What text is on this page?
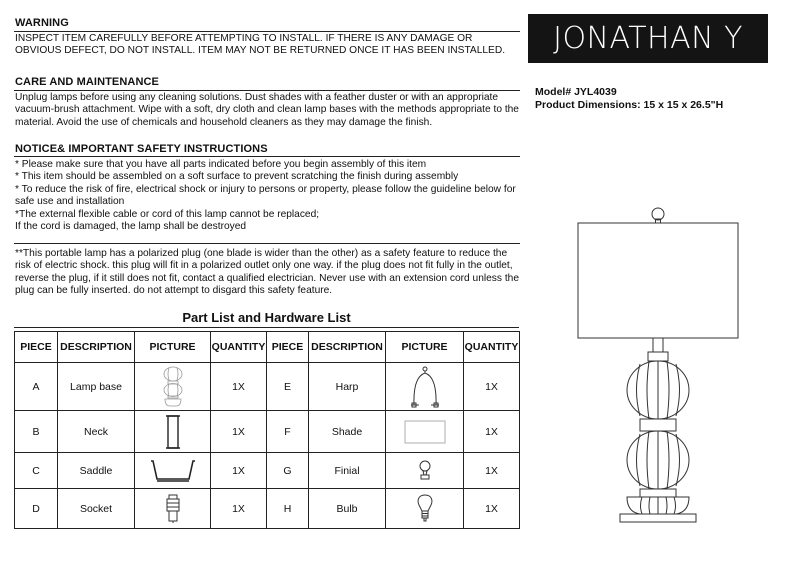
WARNING
INSPECT ITEM CAREFULLY BEFORE ATTEMPTING TO INSTALL. IF THERE IS ANY DAMAGE OR OBVIOUS DEFECT, DO NOT INSTALL. ITEM MAY NOT BE RETURNED ONCE IT HAS BEEN INSTALLED.
CARE AND MAINTENANCE
Unplug lamps before using any cleaning solutions. Dust shades with a feather duster or with an appropriate vacuum-brush attachment. Wipe with a soft, dry cloth and clean lamp bases with the methods appropriate to the material. Avoid the use of chemicals and household cleaners as they may damage the finish.
NOTICE& IMPORTANT SAFETY INSTRUCTIONS
* Please make sure that you have all parts indicated before you begin assembly of this item
* This item should be assembled on a soft surface to prevent scratching the finish during assembly
* To reduce the risk of fire, electrical shock or injury to persons or property, please follow the guideline below for safe use and installation
*The external flexible cable or cord of this lamp cannot be replaced;
If the cord is damaged, the lamp shall be destroyed
**This portable lamp has a polarized plug (one blade is wider than the other) as a safety feature to reduce the risk of electric shock. this plug will fit in a polarized outlet only one way. if the plug does not fit fully in the outlet, reverse the plug, if it still does not fit, contact a qualified electrician. Never use with an extension cord unless the plug can be fully inserted. do not attempt to disgard this safety feature.
JONATHAN Y
Model# JYL4039
Product Dimensions: 15 x 15 x 26.5"H
Part List and Hardware List
PIECE	DESCRIPTION	PICTURE	QUANTITY	PIECE	DESCRIPTION	PICTURE	QUANTITY
A	Lamp base		1X	E	Harp		1X
B	Neck		1X	F	Shade		1X
C	Saddle		1X	G	Finial		1X
D	Socket		1X	H	Bulb		1X
